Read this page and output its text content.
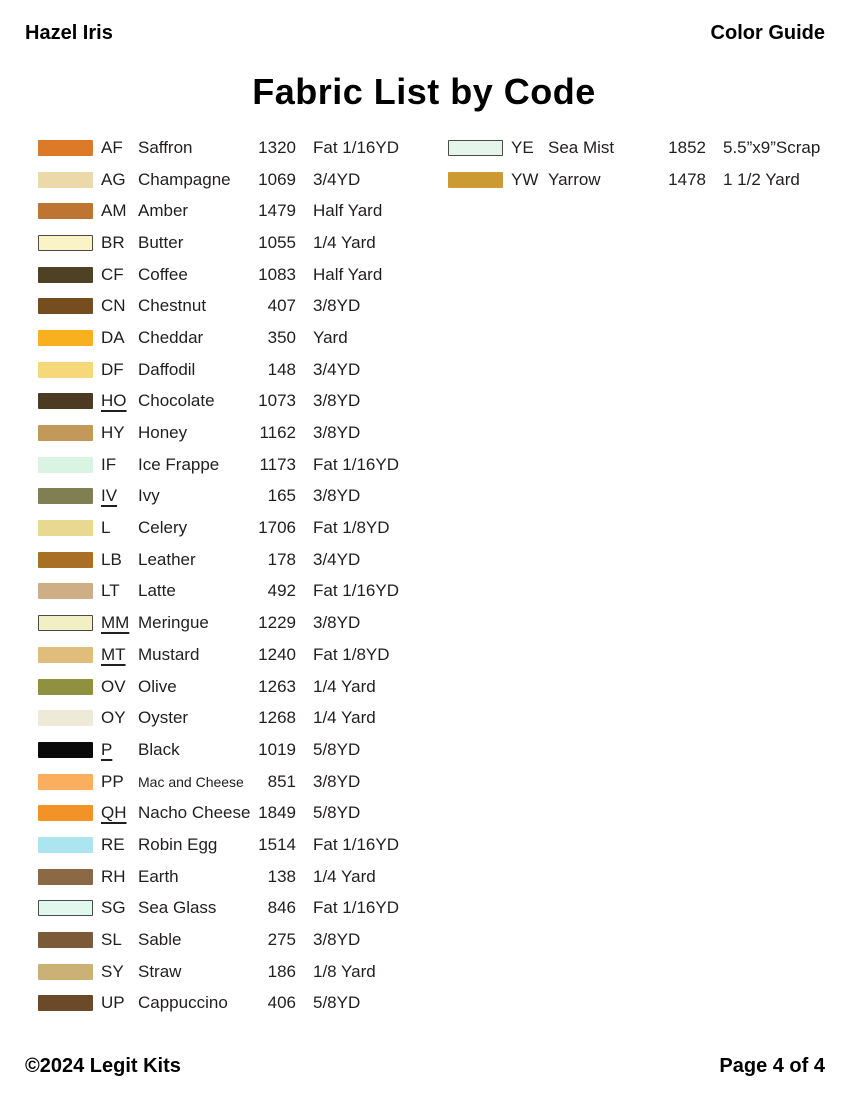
Hazel Iris	Color Guide
Fabric List by Code
AF Saffron	1320 Fat 1/16YD
AG Champagne	1069 3/4YD
AM Amber	1479 Half Yard
BR Butter	1055 1/4 Yard
CF Coffee	1083 Half Yard
CN Chestnut	407 3/8YD
DA Cheddar	350 Yard
DF Daffodil	148 3/4YD
HO Chocolate	1073 3/8YD
HY Honey	1162 3/8YD
IF	Ice Frappe	1173 Fat 1/16YD
IV	Ivy	165 3/8YD
L	Celery	1706 Fat 1/8YD
LB Leather	178 3/4YD
LT	Latte	492 Fat 1/16YD
MM Meringue	1229 3/8YD
MT Mustard	1240 Fat 1/8YD
OV Olive	1263 1/4 Yard
OY Oyster	1268 1/4 Yard
P	Black	1019 5/8YD
PP	Mac and Cheese	851 3/8YD
QH Nacho Cheese 1849 5/8YD
RE Robin Egg	1514 Fat 1/16YD
RH Earth	138 1/4 Yard
SG Sea Glass	846 Fat 1/16YD
SL Sable	275 3/8YD
SY Straw	186 1/8 Yard
UP Cappuccino	406 5/8YD
YE Sea Mist	1852 5.5”x9”Scrap
YW Yarrow	1478 1 1/2 Yard
©2024 Legit Kits	Page 4 of 4
